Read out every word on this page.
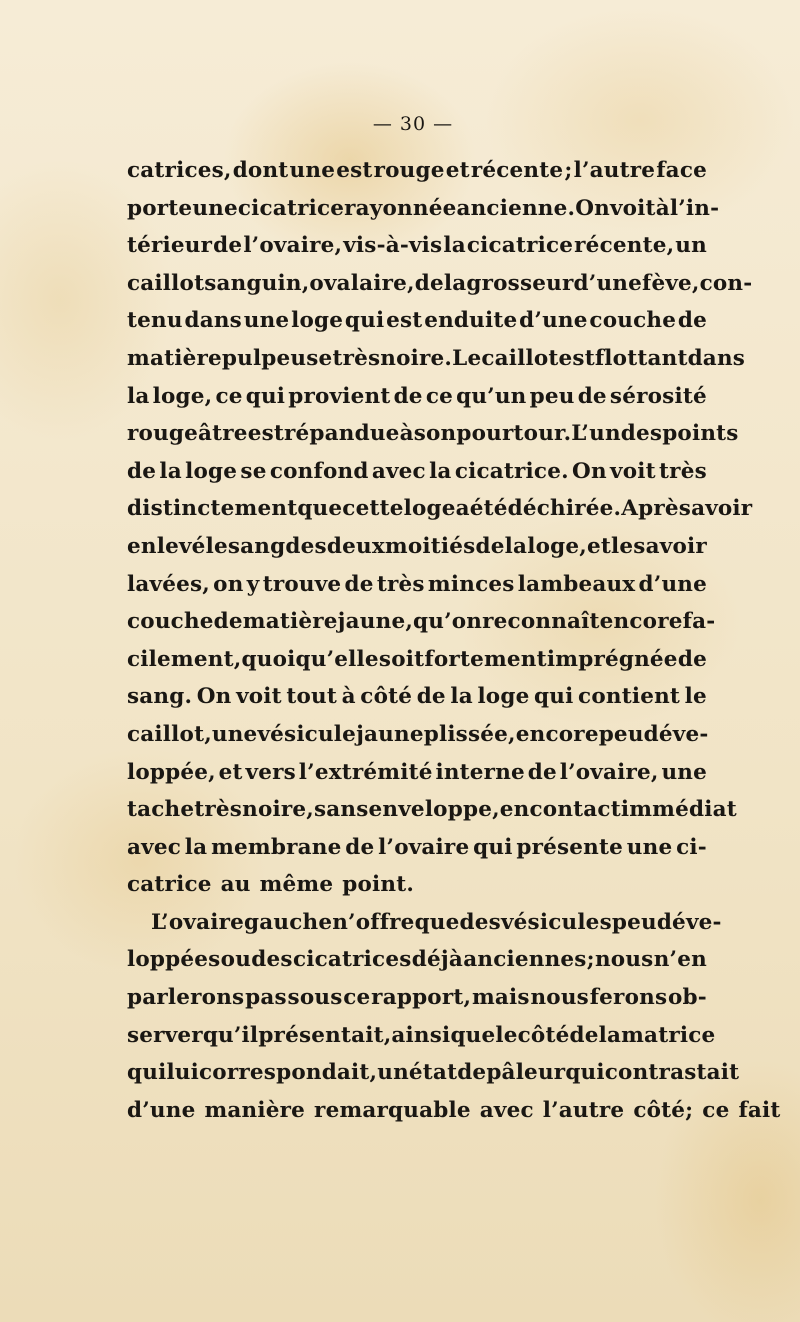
— 30 —
catrices, dont une est rouge et récente ; l’autre face
porte une cicatrice rayonnée ancienne. On voit à l’in-
térieur de l’ovaire, vis-à-vis la cicatrice récente, un
caillot sanguin, ovalaire, de la grosseur d’une fève, con-
tenu dans une loge qui est enduite d’une couche de
matière pulpeuse très noire. Le caillot est flottant dans
la loge, ce qui provient de ce qu’un peu de sérosité
rougeâtre est répandue à son pourtour. L’un des points
de la loge se confond avec la cicatrice. On voit très
distinctement que cette loge a été déchirée. Après avoir
enlevé le sang des deux moitiés de la loge, et les avoir
lavées, on y trouve de très minces lambeaux d’une
couche de matière jaune, qu’on reconnaît encore fa-
cilement, quoiqu’elle soit fortement imprégnée de
sang. On voit tout à côté de la loge qui contient le
caillot, une vésicule jaune plissée, encore peu déve-
loppée, et vers l’extrémité interne de l’ovaire, une
tache très noire, sans enveloppe, en contact immédiat
avec la membrane de l’ovaire qui présente une ci-
catrice au même point.
L’ovaire gauche n’offre que des vésicules peu déve-
loppées ou des cicatrices déjà anciennes; nous n’en
parlerons pas sous ce rapport, mais nous ferons ob-
server qu’il présentait, ainsi que le côté de la matrice
qui lui correspondait, un état de pâleur qui contrastait
d’une manière remarquable avec l’autre côté; ce fait
